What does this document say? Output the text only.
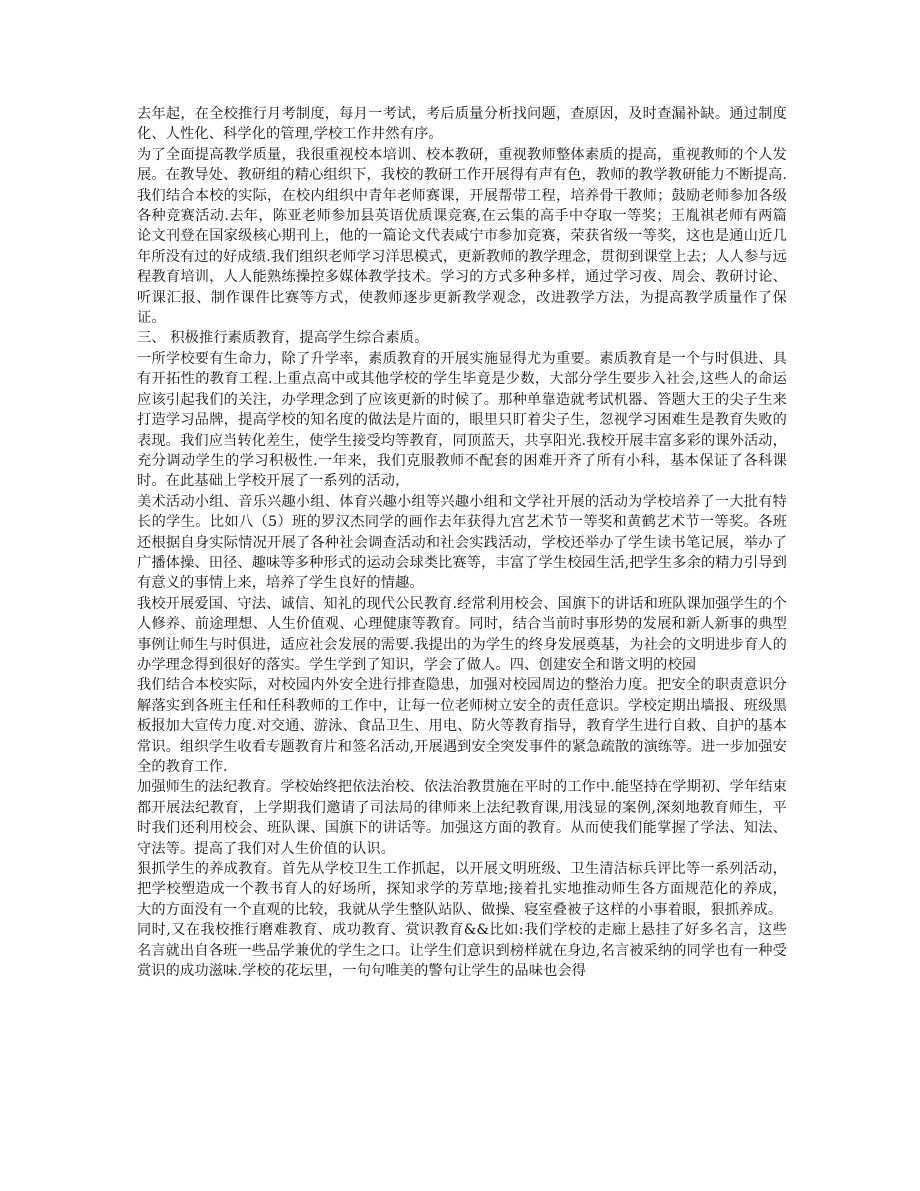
去年起，在全校推行月考制度，每月一考试，考后质量分析找问题，查原因，及时查漏补缺。通过制度化、人性化、科学化的管理,学校工作井然有序。

为了全面提高教学质量，我很重视校本培训、校本教研，重视教师整体素质的提高，重视教师的个人发展。在教导处、教研组的精心组织下，我校的教研工作开展得有声有色，教师的教学教研能力不断提高.我们结合本校的实际，在校内组织中青年老师赛课，开展帮带工程，培养骨干教师；鼓励老师参加各级各种竞赛活动.去年，陈亚老师参加县英语优质课竞赛,在云集的高手中夺取一等奖；王胤祺老师有两篇论文刊登在国家级核心期刊上，他的一篇论文代表咸宁市参加竞赛，荣获省级一等奖，这也是通山近几年所没有过的好成绩.我们组织老师学习洋思模式，更新教师的教学理念，贯彻到课堂上去；人人参与远程教育培训，人人能熟练操控多媒体教学技术。学习的方式多种多样，通过学习夜、周会、教研讨论、听课汇报、制作课件比赛等方式，使教师逐步更新教学观念，改进教学方法，为提高教学质量作了保证。

三、 积极推行素质教育，提高学生综合素质。

一所学校要有生命力，除了升学率，素质教育的开展实施显得尤为重要。素质教育是一个与时俱进、具有开拓性的教育工程.上重点高中或其他学校的学生毕竟是少数，大部分学生要步入社会,这些人的命运应该引起我们的关注，办学理念到了应该更新的时候了。那种单靠造就考试机器、答题大王的尖子生来打造学习品牌，提高学校的知名度的做法是片面的，眼里只盯着尖子生，忽视学习困难生是教育失败的表现。我们应当转化差生，使学生接受均等教育，同顶蓝天，共享阳光.我校开展丰富多彩的课外活动，充分调动学生的学习积极性.一年来，我们克服教师不配套的困难开齐了所有小科，基本保证了各科课时。在此基础上学校开展了一系列的活动，

美术活动小组、音乐兴趣小组、体育兴趣小组等兴趣小组和文学社开展的活动为学校培养了一大批有特长的学生。比如八（5）班的罗汉杰同学的画作去年获得九宫艺术节一等奖和黄鹤艺术节一等奖。各班还根据自身实际情况开展了各种社会调查活动和社会实践活动，学校还举办了学生读书笔记展，举办了广播体操、田径、趣味等多种形式的运动会球类比赛等，丰富了学生校园生活,把学生多余的精力引导到有意义的事情上来，培养了学生良好的情趣。

我校开展爱国、守法、诚信、知礼的现代公民教育.经常利用校会、国旗下的讲话和班队课加强学生的个人修养、前途理想、人生价值观、心理健康等教育。同时，结合当前时事形势的发展和新人新事的典型事例让师生与时俱进，适应社会发展的需要.我提出的为学生的终身发展奠基，为社会的文明进步育人的办学理念得到很好的落实。学生学到了知识，学会了做人。四、创建安全和谐文明的校园

我们结合本校实际，对校园内外安全进行排查隐患，加强对校园周边的整治力度。把安全的职责意识分解落实到各班主任和任科教师的工作中，让每一位老师树立安全的责任意识。学校定期出墙报、班级黑板报加大宣传力度.对交通、游泳、食品卫生、用电、防火等教育指导，教育学生进行自救、自护的基本常识。组织学生收看专题教育片和签名活动,开展遇到安全突发事件的紧急疏散的演练等。进一步加强安全的教育工作.

加强师生的法纪教育。学校始终把依法治校、依法治教贯施在平时的工作中.能坚持在学期初、学年结束都开展法纪教育，上学期我们邀请了司法局的律师来上法纪教育课,用浅显的案例,深刻地教育师生，平时我们还利用校会、班队课、国旗下的讲话等。加强这方面的教育。从而使我们能掌握了学法、知法、守法等。提高了我们对人生价值的认识。

狠抓学生的养成教育。首先从学校卫生工作抓起，以开展文明班级、卫生清洁标兵评比等一系列活动，把学校塑造成一个教书育人的好场所，探知求学的芳草地;接着扎实地推动师生各方面规范化的养成，大的方面没有一个直观的比较，我就从学生整队站队、做操、寝室叠被子这样的小事着眼，狠抓养成。

同时,又在我校推行磨难教育、成功教育、赏识教育&&比如:我们学校的走廊上悬挂了好多名言，这些名言就出自各班一些品学兼优的学生之口。让学生们意识到榜样就在身边,名言被采纳的同学也有一种受赏识的成功滋味.学校的花坛里，一句句唯美的警句让学生的品味也会得
